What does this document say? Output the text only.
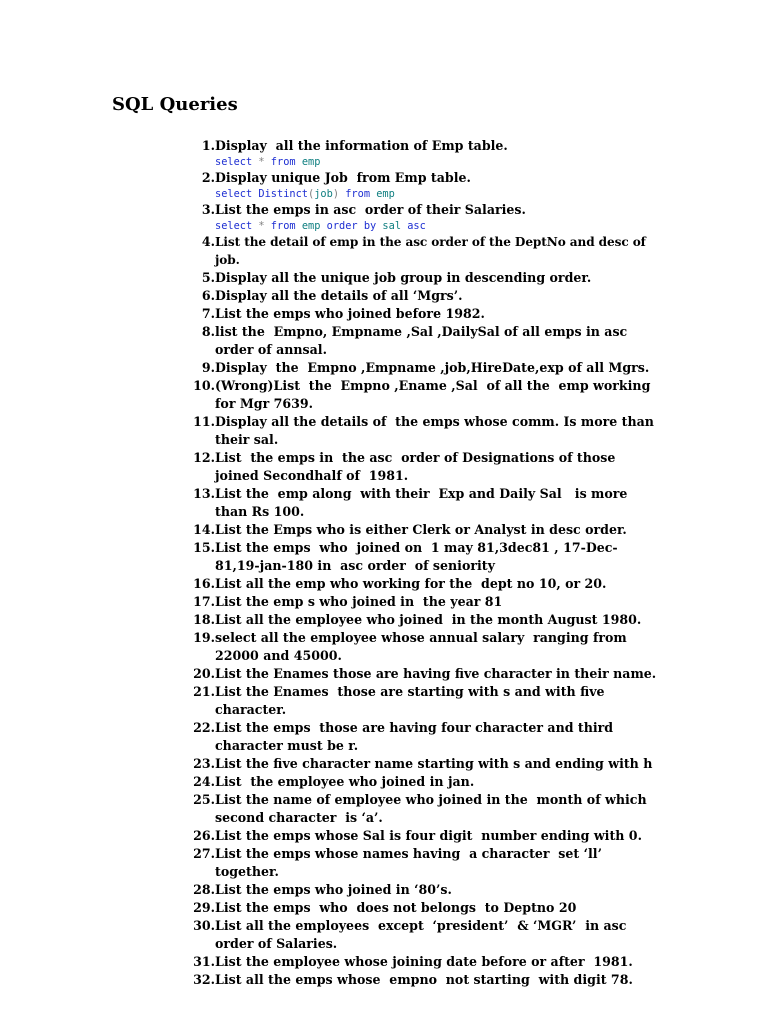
SQL Queries
1. Display  all the information of Emp table.
select * from emp
2. Display unique Job  from Emp table.
select Distinct(job) from emp
3. List the emps in asc  order of their Salaries.
select * from emp order by sal asc
4. List the detail of emp in the asc order of the DeptNo and desc of job.
5. Display all the unique job group in descending order.
6. Display all the details of all ‘Mgrs’.
7. List the emps who joined before 1982.
8. list the  Empno, Empname ,Sal ,DailySal of all emps in asc order of annsal.
9. Display  the  Empno ,Empname ,job,HireDate,exp of all Mgrs.
10. (Wrong)List  the  Empno ,Ename ,Sal  of all the  emp working for Mgr 7639.
11. Display all the details of  the emps whose comm. Is more than their sal.
12. List  the emps in  the asc  order of Designations of those  joined Secondhalf of  1981.
13. List the  emp along  with their  Exp and Daily Sal   is more than Rs 100.
14. List the Emps who is either Clerk or Analyst in desc order.
15. List the emps  who  joined on  1 may 81,3dec81 , 17-Dec-81,19-jan-180 in  asc order  of seniority
16. List all the emp who working for the  dept no 10, or 20.
17. List the emp s who joined in  the year 81
18. List all the employee who joined  in the month August 1980.
19. select all the employee whose annual salary  ranging from 22000 and 45000.
20. List the Enames those are having five character in their name.
21. List the Enames  those are starting with s and with five character.
22. List the emps  those are having four character and third  character must be r.
23. List the five character name starting with s and ending with h
24. List  the employee who joined in jan.
25. List the name of employee who joined in the  month of which second character  is ‘a’.
26. List the emps whose Sal is four digit  number ending with 0.
27. List the emps whose names having  a character  set ‘ll’ together.
28. List the emps who joined in ‘80’s.
29. List the emps  who  does not belongs  to Deptno 20
30. List all the employees  except  ‘president’  & ‘MGR’  in asc order of Salaries.
31. List the employee whose joining date before or after  1981.
32. List all the emps whose  empno  not starting  with digit 78.
